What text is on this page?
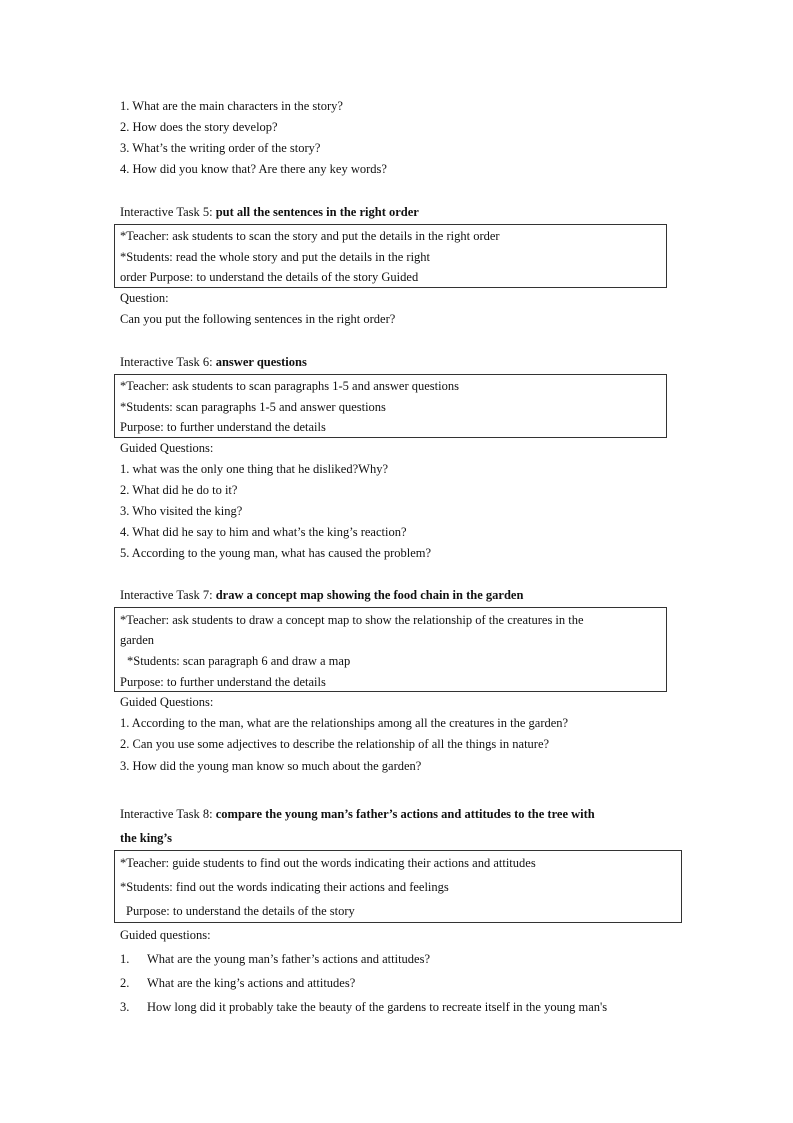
1. What are the main characters in the story?
2. How does the story develop?
3. What’s the writing order of the story?
4. How did you know that? Are there any key words?
Interactive Task 5: put all the sentences in the right order
*Teacher: ask students to scan the story and put the details in the right order
*Students: read the whole story and put the details in the right
order Purpose: to understand the details of the story Guided
Question:
Can you put the following sentences in the right order?
Interactive Task 6: answer questions
*Teacher: ask students to scan paragraphs 1-5 and answer questions
*Students: scan paragraphs 1-5 and answer questions
Purpose: to further understand the details
Guided Questions:
1. what was the only one thing that he disliked?Why?
2. What did he do to it?
3. Who visited the king?
4. What did he say to him and what’s the king’s reaction?
5. According to the young man, what has caused the problem?
Interactive Task 7: draw a concept map showing the food chain in the garden
*Teacher: ask students to draw a concept map to show the relationship of the creatures in the
garden
*Students: scan paragraph 6 and draw a map
Purpose: to further understand the details
Guided Questions:
1. According to the man, what are the relationships among all the creatures in the garden?
2. Can you use some adjectives to describe the relationship of all the things in nature?
3. How did the young man know so much about the garden?
Interactive Task 8: compare the young man’s father’s actions and attitudes to the tree with
the king’s
*Teacher: guide students to find out the words indicating their actions and attitudes
*Students: find out the words indicating their actions and feelings
Purpose: to understand the details of the story
Guided questions:
1. What are the young man’s father’s actions and attitudes?
2. What are the king’s actions and attitudes?
3. How long did it probably take the beauty of the gardens to recreate itself in the young man's
